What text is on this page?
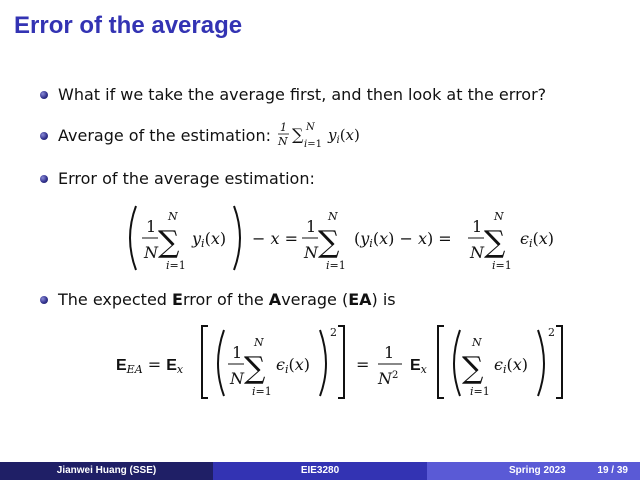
Error of the average
What if we take the average first, and then look at the error?
Average of the estimation: 1
N ∑ N
i=1
$y_i(x)$
Error of the average estimation:
1
N
N
∑
i=1
yi(x) − x =
1
N
N
∑
i=1
(yi(x) − x) =
1
N
N
∑
i=1
ϵi(x)
The expected Error of the Average (EA) is
EEA = Ex
1
N
N
∑
i=1
ϵi(x)
2
=
1
$N^2$
Ex
N
∑
i=1
ϵi(x)
2
Jianwei Huang (SSE)	EIE3280	Spring 2023	19 / 39
